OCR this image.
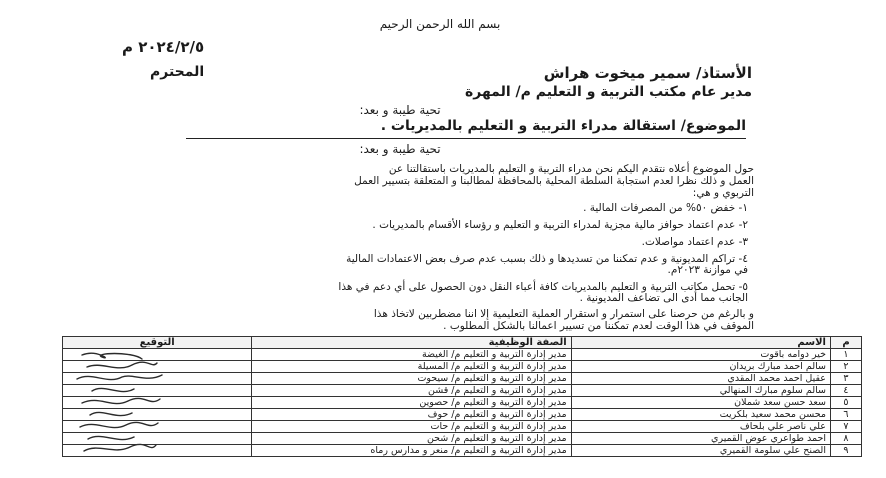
بسم الله الرحمن الرحيم

٢٠٢٤/٢/٥ م

الأستاذ/ سمير ميخوت هراش

المحترم

مدير عام مكتب التربية و التعليم م/ المهرة

تحية طيبة و بعد:

الموضوع/ استقالة مدراء التربية و التعليم بالمديريات .

تحية طيبة و بعد:

حول الموضوع أعلاه نتقدم اليكم نحن مدراء التربية و التعليم بالمديريات باستقالتنا عن

العمل و ذلك نظرا لعدم استجابة السلطة المحلية بالمحافظة لمطالبنا و المتعلقة بتسيير العمل

التربوي و هي:

١- خفض ٥٠% من المصرفات المالية .

٢- عدم اعتماد حوافز مالية مجزية لمدراء التربية و التعليم و رؤساء الأقسام بالمديريات .

٣- عدم اعتماد مواصلات.

٤- تراكم المديونية و عدم تمكننا من تسديدها و ذلك بسبب عدم صرف بعض الاعتمادات المالية

في موازنة ٢٠٢٣م.

٥- تحمل مكاتب التربية و التعليم بالمديريات كافة أعباء النقل دون الحصول على أي دعم في هذا

الجانب مما أدى الى تضاعف المديونية .

و بالرغم من حرصنا على استمرار و استقرار العملية التعليمية إلا اننا مضطربين لاتخاذ هذا

الموقف في هذا الوقت لعدم تمكننا من تسيير اعمالنا بالشكل المطلوب .

م	الاسم	الصفة الوظيفية	التوقيع
١	خير دوامه باقوت	مدير إدارة التربية و التعليم م/ الغيضة	
٢	سالم احمد مبارك بريدان	مدير إدارة التربية و التعليم م/ المسيلة	
٣	عقيل احمد محمد المقدي	مدير إدارة التربية و التعليم م/ سيحوت	
٤	سالم سلوم مبارك المنهالي	مدير إدارة التربية و التعليم م/ قشن	
٥	سعد حسن سعد شملان	مدير إدارة التربية و التعليم م/ حصوين	
٦	محسن محمد سعيد بلكريت	مدير إدارة التربية و التعليم م/ حوف	
٧	علي ناصر علي بلحاف	مدير إدارة التربية و التعليم م/ حات	
٨	احمد طواعري عوض القميري	مدير إدارة التربية و التعليم م/ شحن	
٩	الصنح علي سلومة القميري	مدير إدارة التربية و التعليم م/ منعر و مدارس رماه	
